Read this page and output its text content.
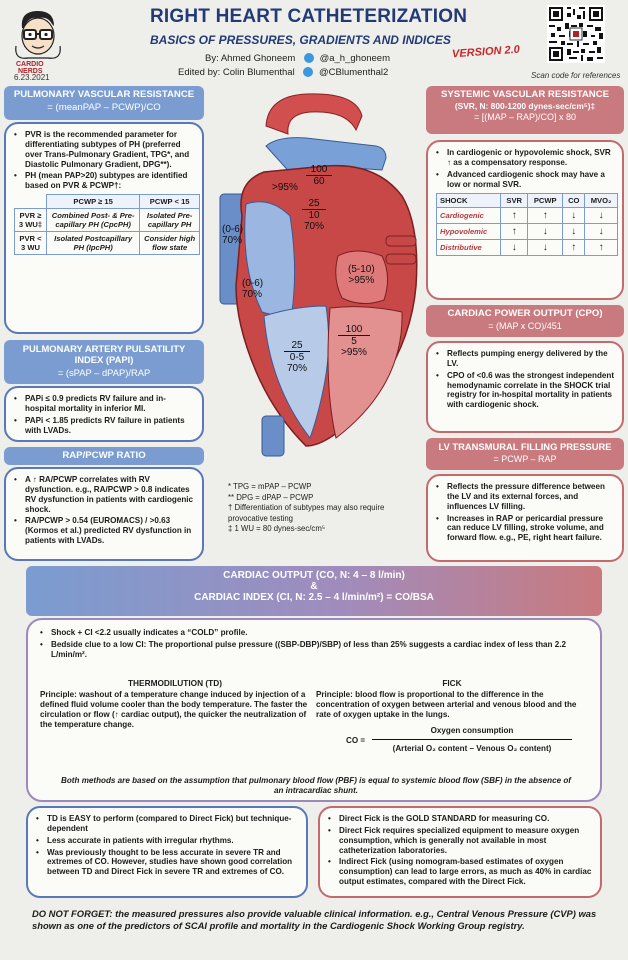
CARDIO
NERDS
6.23.2021
RIGHT HEART CATHETERIZATION
BASICS OF PRESSURES, GRADIENTS AND INDICES
VERSION 2.0
By: Ahmed Ghoneem	@a_h_ghoneem
Edited by: Colin Blumenthal	@CBlumenthal2	Scan code for references
PULMONARY VASCULAR RESISTANCE
= (meanPAP – PCWP)/CO
• PVR is the recommended parameter for differentiating subtypes of PH (preferred over Trans-Pulmonary Gradient, TPG*, and Diastolic Pulmonary Gradient, DPG**).
• PH (mean PAP>20) subtypes are identified based on PVR & PCWP†:
	PCWP ≥ 15	PCWP < 15
PVR ≥ 3 WU‡	Combined Post- & Pre-capillary PH (CpcPH)	Isolated Pre-capillary PH
PVR < 3 WU	Isolated Postcapillary PH (IpcPH)	Consider high flow state
PULMONARY ARTERY PULSATILITY INDEX (PAPI)
= (sPAP – dPAP)/RAP
• PAPi ≤ 0.9 predicts RV failure and in-hospital mortality in inferior MI.
• PAPi < 1.85 predicts RV failure in patients with LVADs.
RAP/PCWP RATIO
• A ↑ RA/PCWP correlates with RV dysfunction. e.g., RA/PCWP > 0.8 indicates RV dysfunction in patients with cardiogenic shock.
• RA/PCWP > 0.54 (EUROMACS) / >0.63 (Kormos et al.) predicted RV dysfunction in patients with LVADs.
SYSTEMIC VASCULAR RESISTANCE
(SVR, N: 800-1200 dynes-sec/cm⁵)‡
= [(MAP – RAP)/CO] x 80
• In cardiogenic or hypovolemic shock, SVR ↑ as a compensatory response.
• Advanced cardiogenic shock may have a low or normal SVR.
SHOCK	SVR	PCWP	CO	MVO₂
Cardiogenic	↑	↑	↓	↓
Hypovolemic	↑	↓	↓	↓
Distributive	↓	↓	↑	↑
CARDIAC POWER OUTPUT (CPO)
= (MAP x CO)/451
• Reflects pumping energy delivered by the LV.
• CPO of <0.6 was the strongest independent hemodynamic correlate in the SHOCK trial registry for in-hospital mortality in patients with cardiogenic shock.
LV TRANSMURAL FILLING PRESSURE
= PCWP – RAP
• Reflects the pressure difference between the LV and its external forces, and influences LV filling.
• Increases in RAP or pericardial pressure can reduce LV filling, stroke volume, and forward flow. e.g., PE, right heart failure.
>95%
100
60
25
10
70%
(0-6)
70%
(0-6)
70%
(5-10)
>95%
25
0-5
70%
100
5
>95%
* TPG = mPAP – PCWP
** DPG = dPAP – PCWP
† Differentiation of subtypes may also require provocative testing
‡ 1 WU = 80 dynes-sec/cm⁵
CARDIAC OUTPUT (CO, N: 4 – 8 l/min)
&
CARDIAC INDEX (CI, N: 2.5 – 4 l/min/m²) = CO/BSA
• Shock + CI <2.2 usually indicates a “COLD” profile.
• Bedside clue to a low CI: The proportional pulse pressure ((SBP-DBP)/SBP) of less than 25% suggests a cardiac index of less than 2.2 L/min/m².
THERMODILUTION (TD)
Principle: washout of a temperature change induced by injection of a defined fluid volume cooler than the body temperature. The faster the circulation or flow (↑ cardiac output), the quicker the neutralization of the temperature change.
FICK
Principle: blood flow is proportional to the difference in the concentration of oxygen between arterial and venous blood and the rate of oxygen uptake in the lungs.
CO =
Oxygen consumption
(Arterial O₂ content – Venous O₂ content)
Both methods are based on the assumption that pulmonary blood flow (PBF) is equal to systemic blood flow (SBF) in the absence of an intracardiac shunt.
• TD is EASY to perform (compared to Direct Fick) but technique-dependent
• Less accurate in patients with irregular rhythms.
• Was previously thought to be less accurate in severe TR and extremes of CO. However, studies have shown good correlation between TD and Direct Fick in severe TR and extremes of CO.
• Direct Fick is the GOLD STANDARD for measuring CO.
• Direct Fick requires specialized equipment to measure oxygen consumption, which is generally not available in most catheterization laboratories.
• Indirect Fick (using nomogram-based estimates of oxygen consumption) can lead to large errors, as much as 40% in cardiac output estimates, compared with the Direct Fick.
DO NOT FORGET: the measured pressures also provide valuable clinical information. e.g., Central Venous Pressure (CVP) was shown as one of the predictors of SCAI profile and mortality in the Cardiogenic Shock Working Group registry.
